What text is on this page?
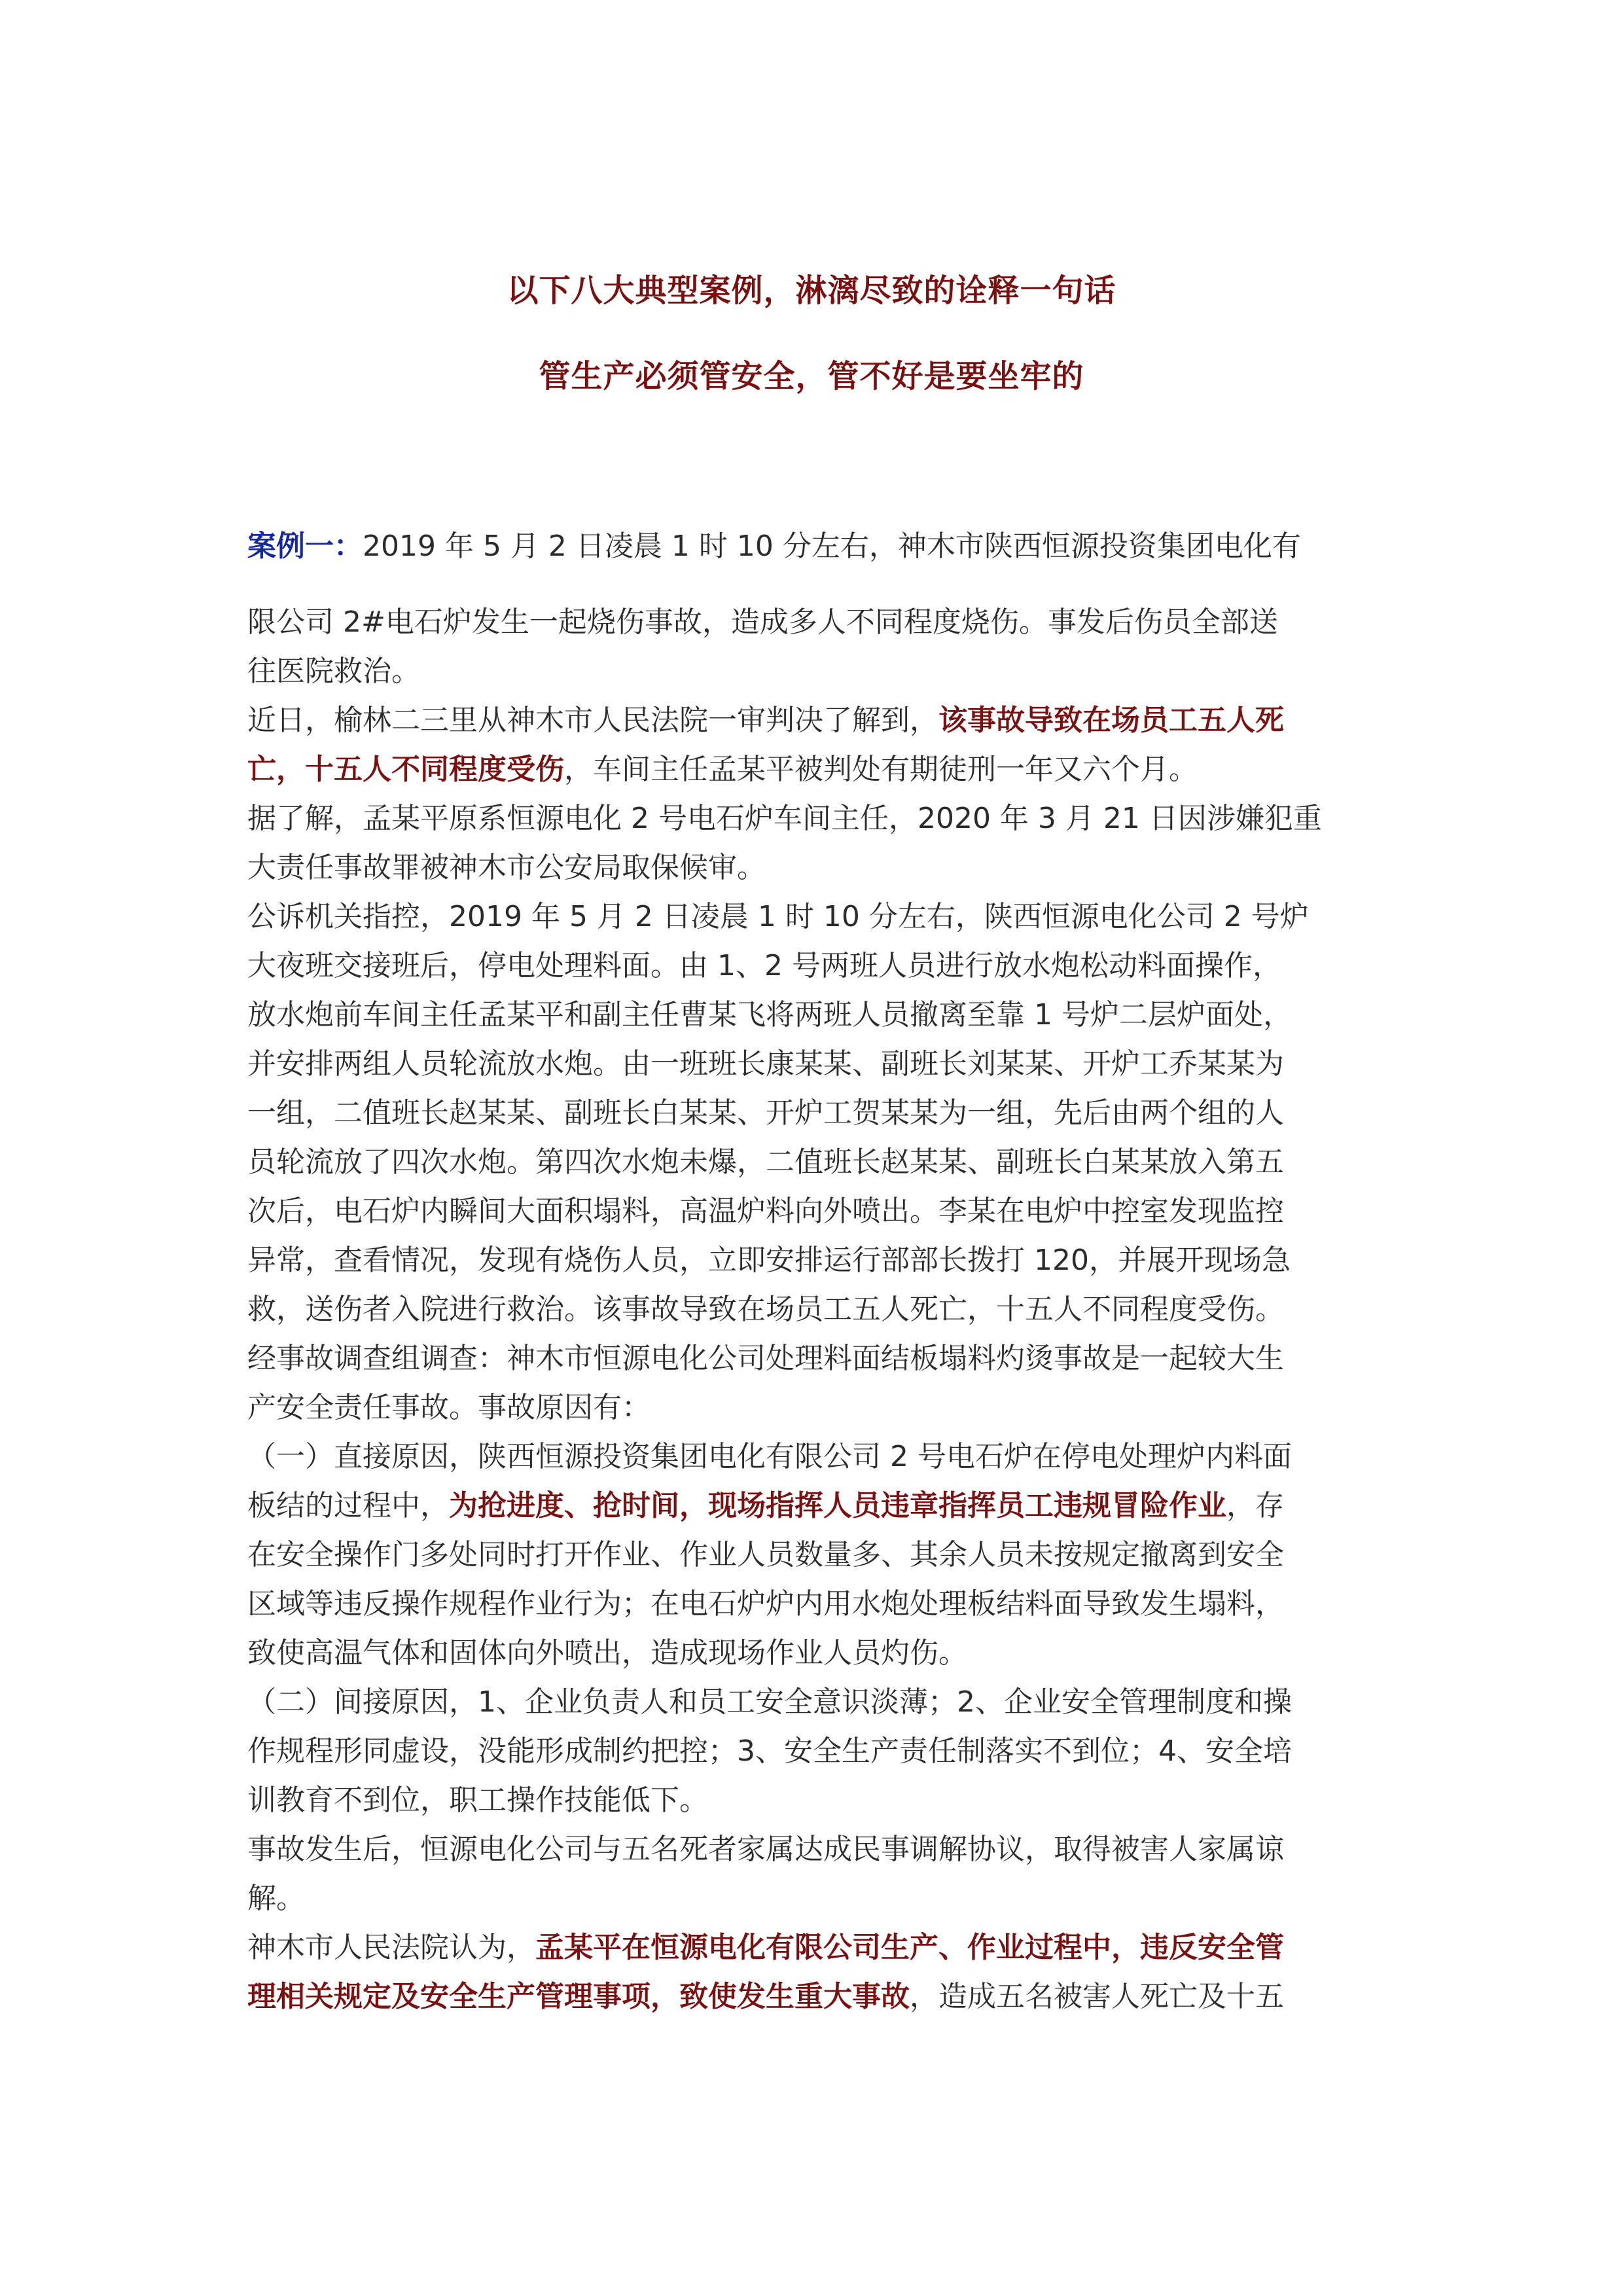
以下八大典型案例，淋漓尽致的诠释一句话
管生产必须管安全，管不好是要坐牢的
案例一：2019 年 5 月 2 日凌晨 1 时 10 分左右，神木市陕西恒源投资集团电化有
限公司 2#电石炉发生一起烧伤事故，造成多人不同程度烧伤。事发后伤员全部送
往医院救治。
近日，榆林二三里从神木市人民法院一审判决了解到，该事故导致在场员工五人死
亡，十五人不同程度受伤，车间主任孟某平被判处有期徒刑一年又六个月。
据了解，孟某平原系恒源电化 2 号电石炉车间主任，2020 年 3 月 21 日因涉嫌犯重
大责任事故罪被神木市公安局取保候审。
公诉机关指控，2019 年 5 月 2 日凌晨 1 时 10 分左右，陕西恒源电化公司 2 号炉
大夜班交接班后，停电处理料面。由 1、2 号两班人员进行放水炮松动料面操作，
放水炮前车间主任孟某平和副主任曹某飞将两班人员撤离至靠 1 号炉二层炉面处，
并安排两组人员轮流放水炮。由一班班长康某某、副班长刘某某、开炉工乔某某为
一组，二值班长赵某某、副班长白某某、开炉工贺某某为一组，先后由两个组的人
员轮流放了四次水炮。第四次水炮未爆，二值班长赵某某、副班长白某某放入第五
次后，电石炉内瞬间大面积塌料，高温炉料向外喷出。李某在电炉中控室发现监控
异常，查看情况，发现有烧伤人员，立即安排运行部部长拨打 120，并展开现场急
救，送伤者入院进行救治。该事故导致在场员工五人死亡，十五人不同程度受伤。
经事故调查组调查：神木市恒源电化公司处理料面结板塌料灼烫事故是一起较大生
产安全责任事故。事故原因有：
（一）直接原因，陕西恒源投资集团电化有限公司 2 号电石炉在停电处理炉内料面
板结的过程中，为抢进度、抢时间，现场指挥人员违章指挥员工违规冒险作业，存
在安全操作门多处同时打开作业、作业人员数量多、其余人员未按规定撤离到安全
区域等违反操作规程作业行为；在电石炉炉内用水炮处理板结料面导致发生塌料，
致使高温气体和固体向外喷出，造成现场作业人员灼伤。
（二）间接原因，1、企业负责人和员工安全意识淡薄；2、企业安全管理制度和操
作规程形同虚设，没能形成制约把控；3、安全生产责任制落实不到位；4、安全培
训教育不到位，职工操作技能低下。
事故发生后，恒源电化公司与五名死者家属达成民事调解协议，取得被害人家属谅
解。
神木市人民法院认为，孟某平在恒源电化有限公司生产、作业过程中，违反安全管
理相关规定及安全生产管理事项，致使发生重大事故，造成五名被害人死亡及十五
